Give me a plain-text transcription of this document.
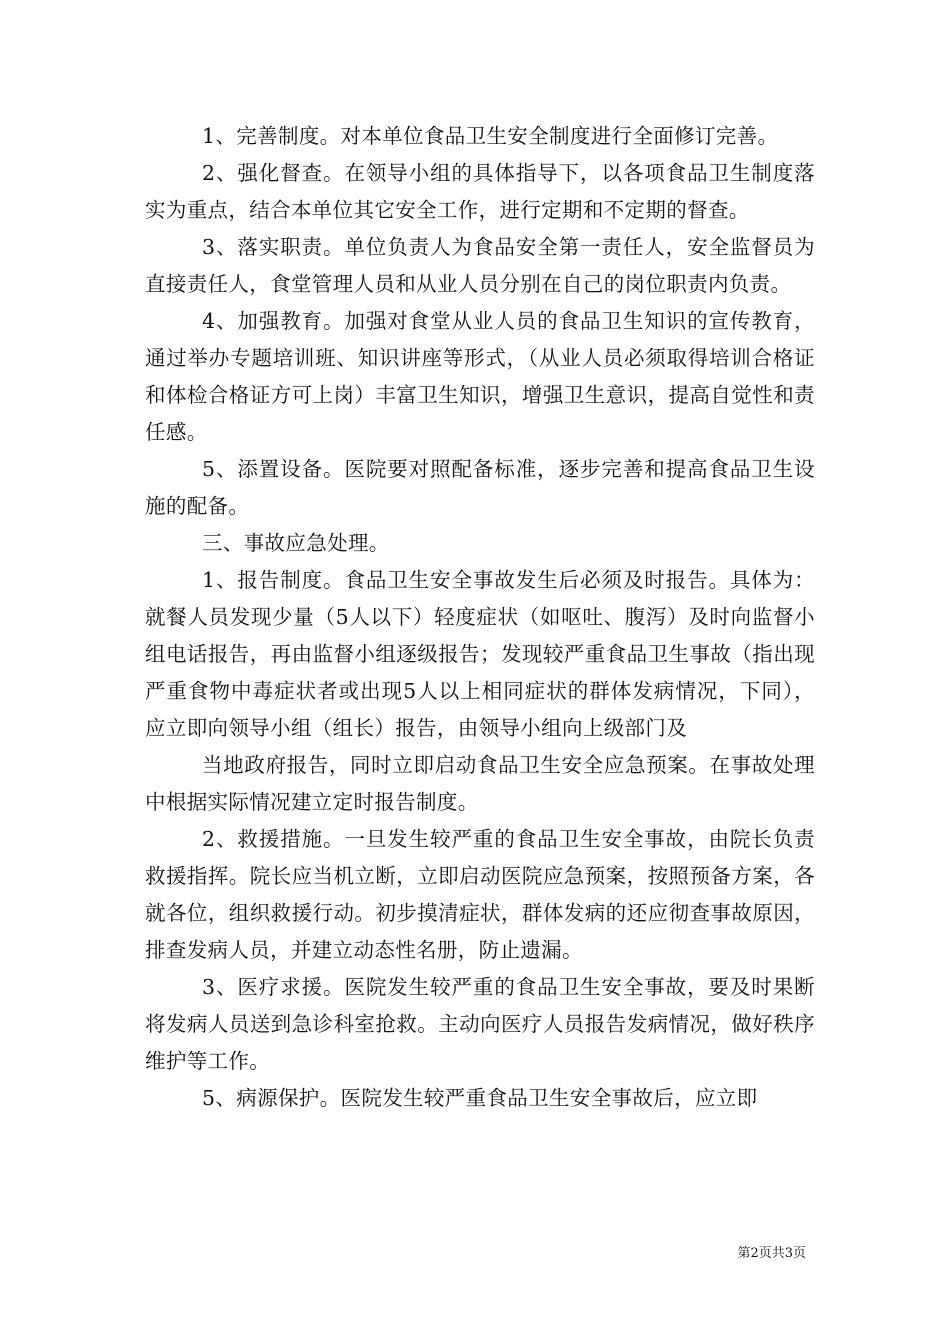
1、完善制度。对本单位食品卫生安全制度进行全面修订完善。

2、强化督查。在领导小组的具体指导下，以各项食品卫生制度落实为重点，结合本单位其它安全工作，进行定期和不定期的督查。

3、落实职责。单位负责人为食品安全第一责任人，安全监督员为直接责任人，食堂管理人员和从业人员分别在自己的岗位职责内负责。

4、加强教育。加强对食堂从业人员的食品卫生知识的宣传教育，通过举办专题培训班、知识讲座等形式，（从业人员必须取得培训合格证和体检合格证方可上岗）丰富卫生知识，增强卫生意识，提高自觉性和责任感。

5、添置设备。医院要对照配备标准，逐步完善和提高食品卫生设施的配备。

三、事故应急处理。

1、报告制度。食品卫生安全事故发生后必须及时报告。具体为：就餐人员发现少量（5人以下）轻度症状（如呕吐、腹泻）及时向监督小组电话报告，再由监督小组逐级报告；发现较严重食品卫生事故（指出现严重食物中毒症状者或出现5人以上相同症状的群体发病情况，下同），应立即向领导小组（组长）报告，由领导小组向上级部门及

当地政府报告，同时立即启动食品卫生安全应急预案。在事故处理中根据实际情况建立定时报告制度。

2、救援措施。一旦发生较严重的食品卫生安全事故，由院长负责救援指挥。院长应当机立断，立即启动医院应急预案，按照预备方案，各就各位，组织救援行动。初步摸清症状，群体发病的还应彻查事故原因，排查发病人员，并建立动态性名册，防止遗漏。

3、医疗求援。医院发生较严重的食品卫生安全事故，要及时果断将发病人员送到急诊科室抢救。主动向医疗人员报告发病情况，做好秩序维护等工作。

5、病源保护。医院发生较严重食品卫生安全事故后，应立即

第2页共3页
